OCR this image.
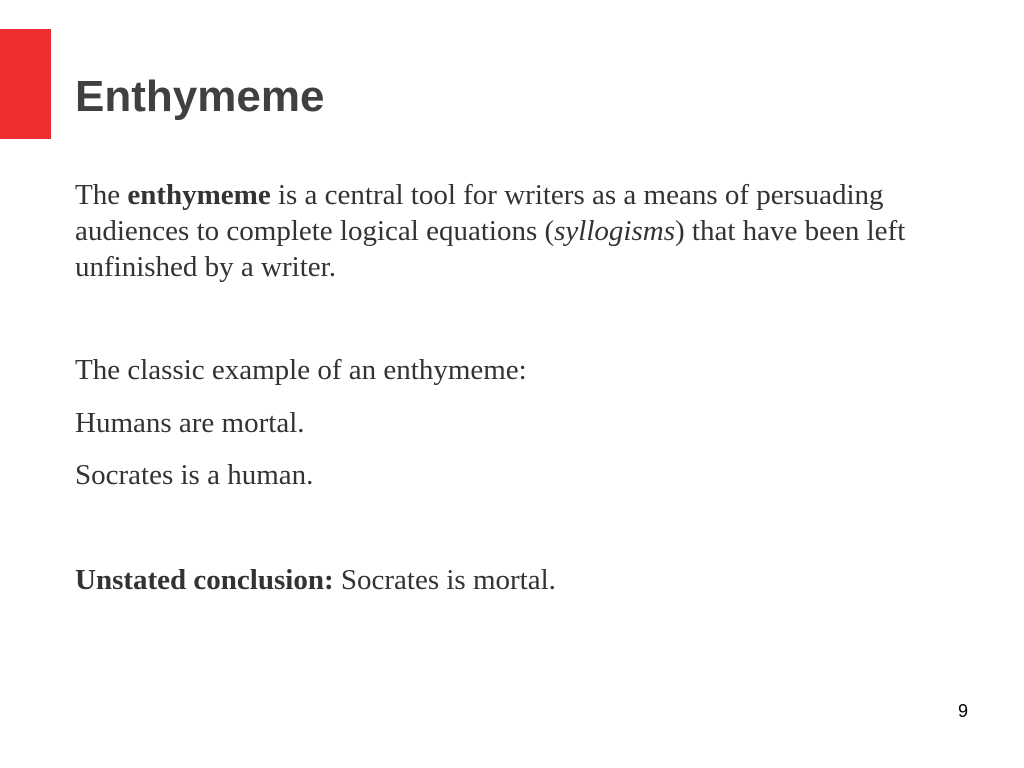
Enthymeme

The enthymeme is a central tool for writers as a means of persuading audiences to complete logical equations (syllogisms) that have been left unfinished by a writer.

The classic example of an enthymeme:

Humans are mortal.

Socrates is a human.

Unstated conclusion: Socrates is mortal.

9
